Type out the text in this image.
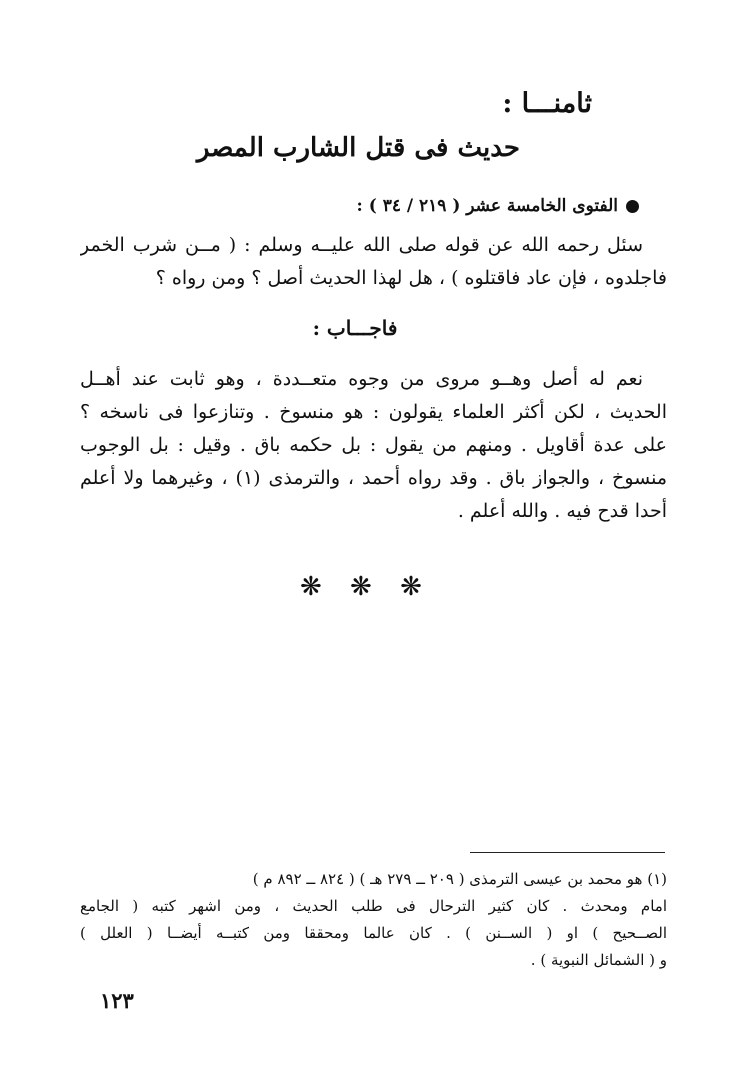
ثامنـــا :
حديث فى قتل الشارب المصر
الفتوى الخامسة عشر ( ٢١٩ / ٣٤ ) :
سئل رحمه الله عن قوله صلى الله عليــه وسلم : ( مــن شرب الخمر
فاجلدوه ، فإن عاد فاقتلوه ) ، هل لهذا الحديث أصل ؟ ومن رواه ؟
فاجـــاب :
نعم له أصل وهــو مروى من وجوه متعــددة ، وهو ثابت عند أهــل
الحديث ، لكن أكثر العلماء يقولون : هو منسوخ . وتنازعوا فى ناسخه ؟
على عدة أقاويل . ومنهم من يقول : بل حكمه باق . وقيل : بل الوجوب
منسوخ ، والجواز باق . وقد رواه أحمد ، والترمذى (١) ، وغيرهما ولا أعلم
أحدا قدح فيه . والله أعلم .
❋ ❋ ❋
(١) هو محمد بن عيسى الترمذى ( ٢٠٩ ــ ٢٧٩ هـ ) ( ٨٢٤ ــ ٨٩٢ م )
امام ومحدث . كان كثير الترحال فى طلب الحديث ، ومن اشهر كتبه ( الجامع
الصــحيح ) او ( الســنن ) . كان عالما ومحققا ومن كتبــه أيضــا ( العلل )
و ( الشمائل النبوية ) .
١٢٣
